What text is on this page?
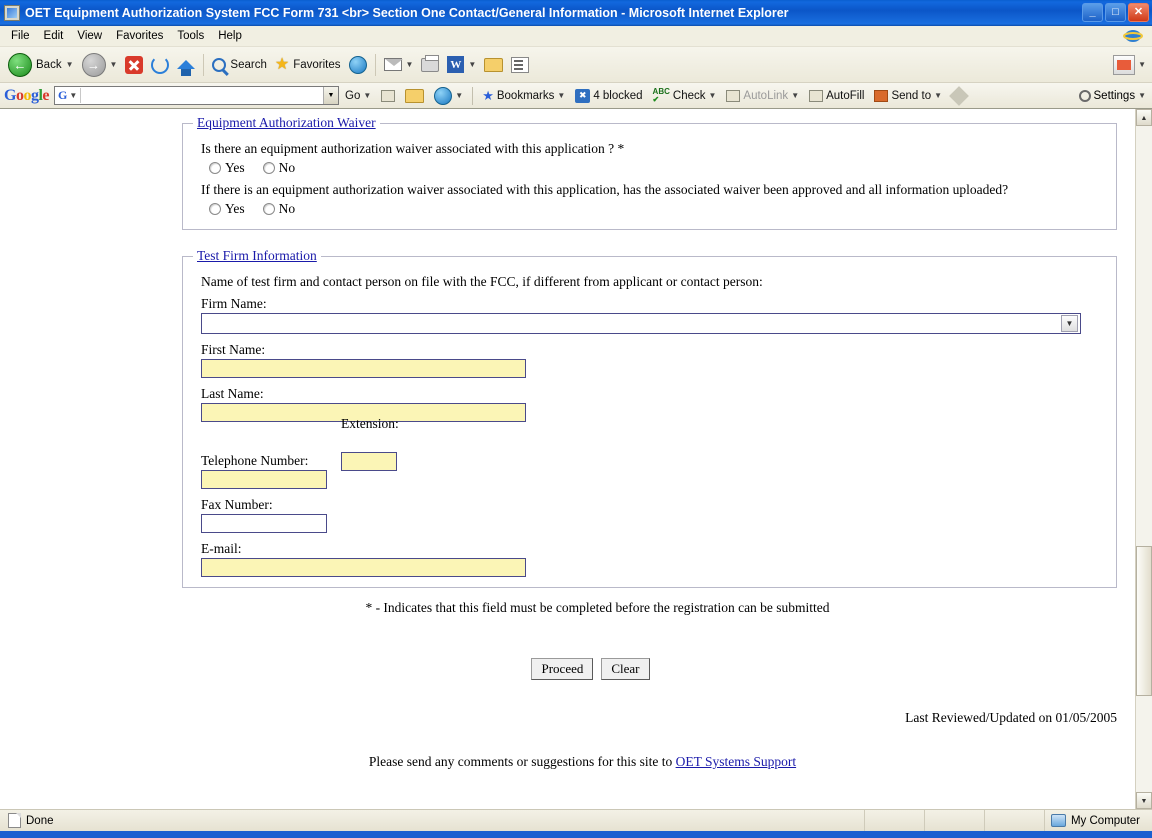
OET Equipment Authorization System FCC Form 731 <br> Section One Contact/General Information - Microsoft Internet Explorer	_	□	✕
File	Edit	View	Favorites	Tools	Help
← Back ▼ → ▼	Search ★ Favorites	▼	W ▼	▼
Google G ▼	▼ Go ▼	▼ ★ Bookmarks ▼	✖ 4 blocked ABC
✔	Check ▼ AutoLink ▼ AutoFill Send to ▼	Settings ▼
Equipment Authorization Waiver
Is there an equipment authorization waiver associated with this application ? *
Yes	No
If there is an equipment authorization waiver associated with this application, has the associated waiver been approved and all information uploaded?
Yes	No
Test Firm Information
Name of test firm and contact person on file with the FCC, if different from applicant or contact person:
Firm Name:
▼
First Name:
Last Name:
Telephone Number:
Extension:
Fax Number:
E-mail:
* - Indicates that this field must be completed before the registration can be submitted
Proceed	Clear
Last Reviewed/Updated on 01/05/2005
Please send any comments or suggestions for this site to OET Systems Support
▲
▼
Done	My Computer
